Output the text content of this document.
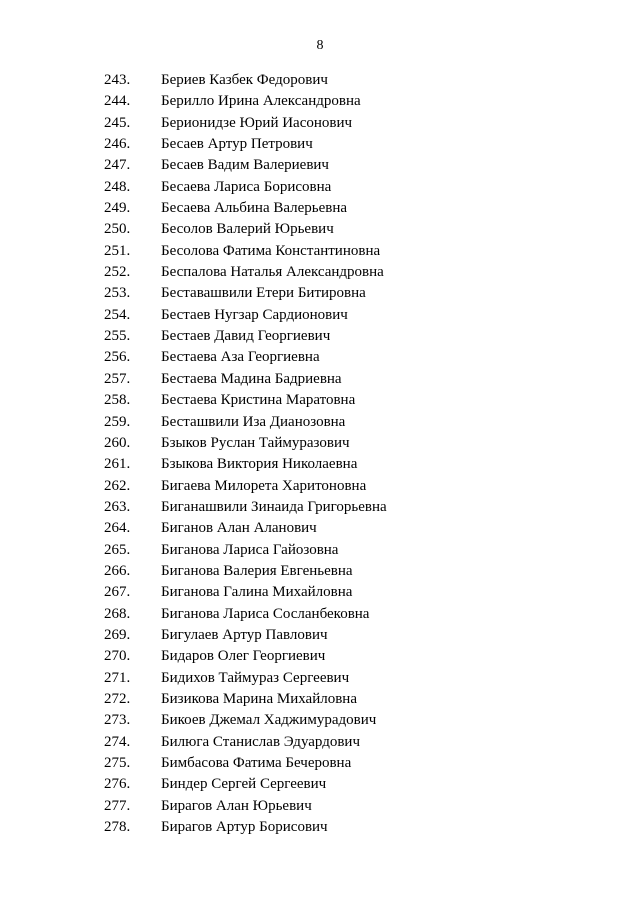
8
243. Бериев Казбек Федорович
244. Берилло Ирина Александровна
245. Берионидзе Юрий Иасонович
246. Бесаев Артур Петрович
247. Бесаев Вадим Валериевич
248. Бесаева Лариса Борисовна
249. Бесаева Альбина Валерьевна
250. Бесолов Валерий Юрьевич
251. Бесолова Фатима Константиновна
252. Беспалова Наталья Александровна
253. Беставашвили Етери Битировна
254. Бестаев Нугзар Сардионович
255. Бестаев Давид Георгиевич
256. Бестаева Аза Георгиевна
257. Бестаева Мадина Бадриевна
258. Бестаева Кристина Маратовна
259. Бесташвили Иза Дианозовна
260. Бзыков Руслан Таймуразович
261. Бзыкова Виктория Николаевна
262. Бигаева Милорета Харитоновна
263. Биганашвили Зинаида Григорьевна
264. Биганов Алан Аланович
265. Биганова Лариса Гайозовна
266. Биганова Валерия Евгеньевна
267. Биганова Галина Михайловна
268. Биганова Лариса Сосланбековна
269. Бигулаев Артур Павлович
270. Бидаров Олег Георгиевич
271. Бидихов Таймураз Сергеевич
272. Бизикова Марина Михайловна
273. Бикоев Джемал Хаджимурадович
274. Билюга Станислав Эдуардович
275. Бимбасова Фатима Бечеровна
276. Биндер Сергей Сергеевич
277. Бирагов Алан Юрьевич
278. Бирагов Артур Борисович
